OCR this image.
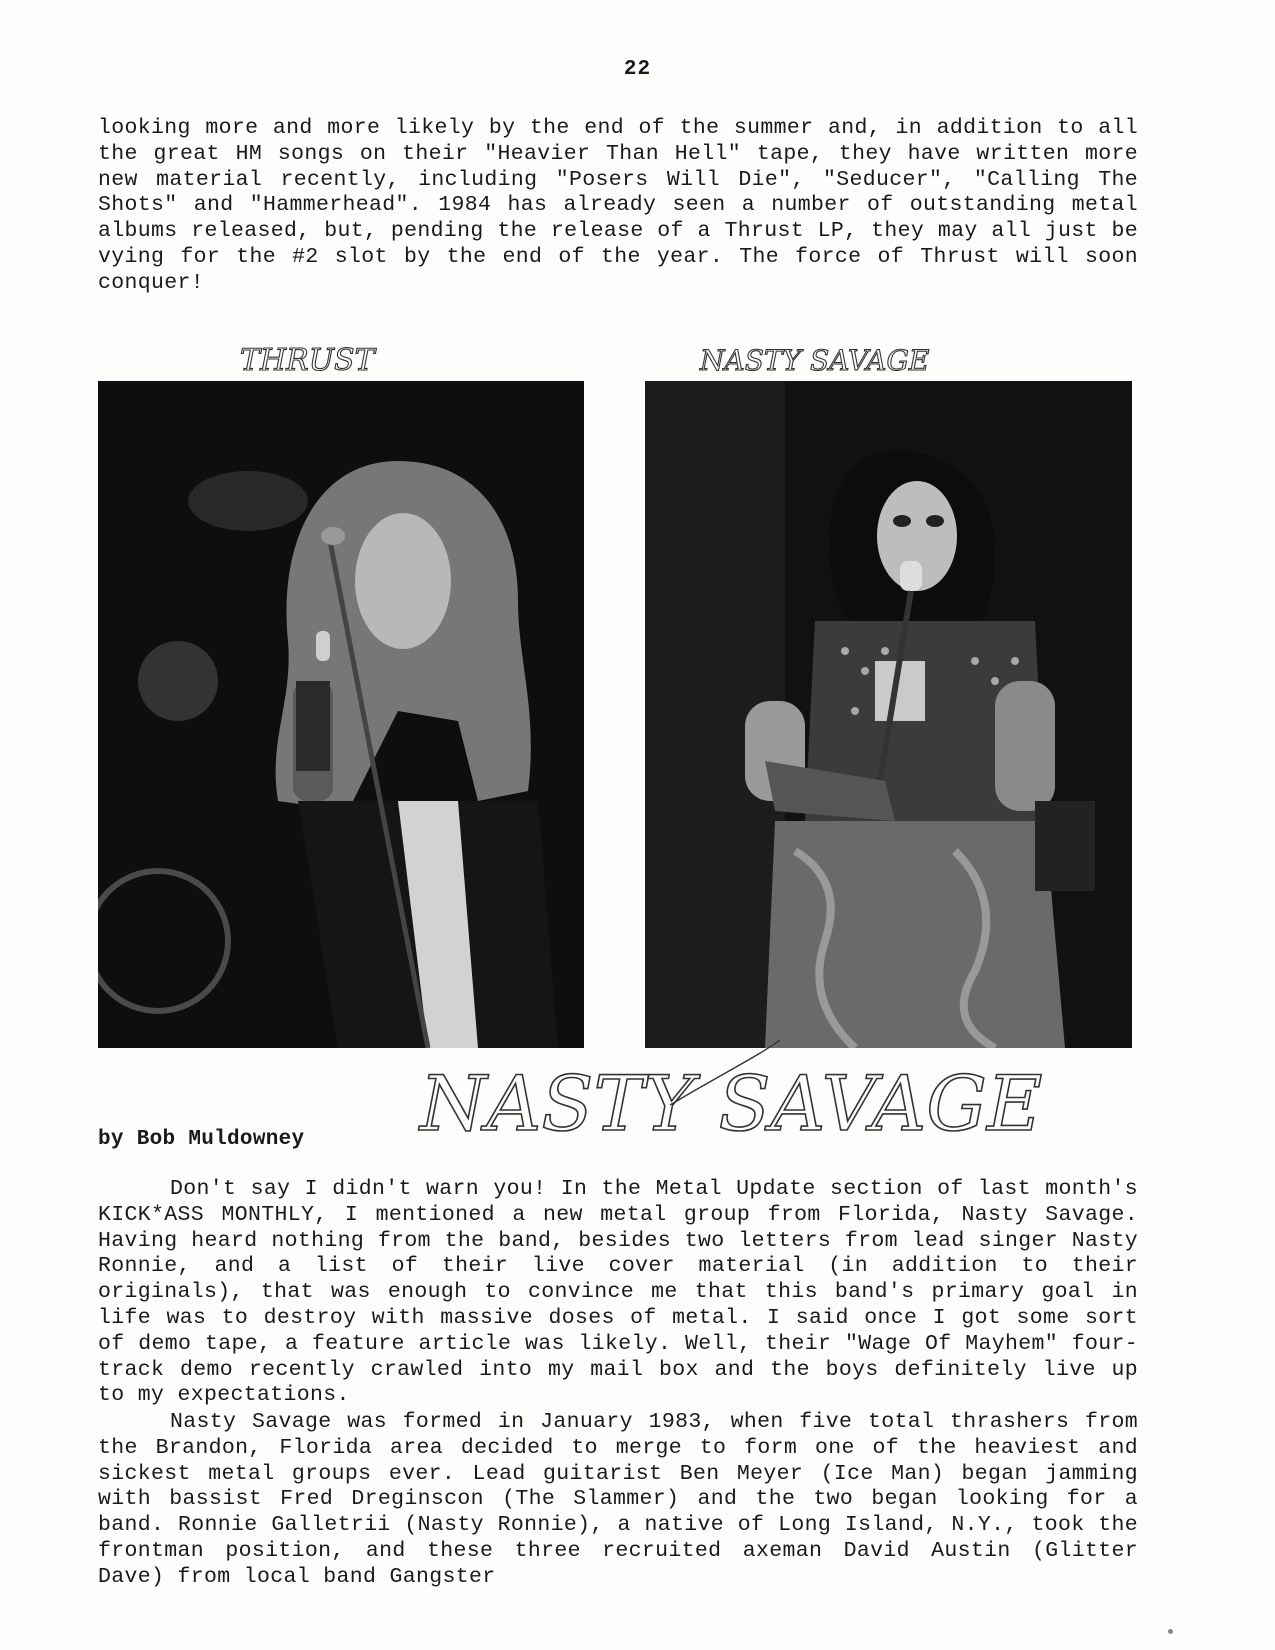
22

looking more and more likely by the end of the summer and, in addition to all the great HM songs on their "Heavier Than Hell" tape, they have written more new material recently, including "Posers Will Die", "Seducer", "Calling The Shots" and "Hammerhead". 1984 has already seen a number of outstanding metal albums released, but, pending the release of a Thrust LP, they may all just be vying for the #2 slot by the end of the year. The force of Thrust will soon conquer!

THRUST	NASTY SAVAGE
by Bob Muldowney NASTY SAVAGE

Don't say I didn't warn you! In the Metal Update section of last month's KICK*ASS MONTHLY, I mentioned a new metal group from Florida, Nasty Savage. Having heard nothing from the band, besides two letters from lead singer Nasty Ronnie, and a list of their live cover material (in addition to their originals), that was enough to convince me that this band's primary goal in life was to destroy with massive doses of metal. I said once I got some sort of demo tape, a feature article was likely. Well, their "Wage Of Mayhem" four-track demo recently crawled into my mail box and the boys definitely live up to my expectations.

Nasty Savage was formed in January 1983, when five total thrashers from the Brandon, Florida area decided to merge to form one of the heaviest and sickest metal groups ever. Lead guitarist Ben Meyer (Ice Man) began jamming with bassist Fred Dreginscon (The Slammer) and the two began looking for a band. Ronnie Galletrii (Nasty Ronnie), a native of Long Island, N.Y., took the frontman position, and these three recruited axeman David Austin (Glitter Dave) from local band Gangster
